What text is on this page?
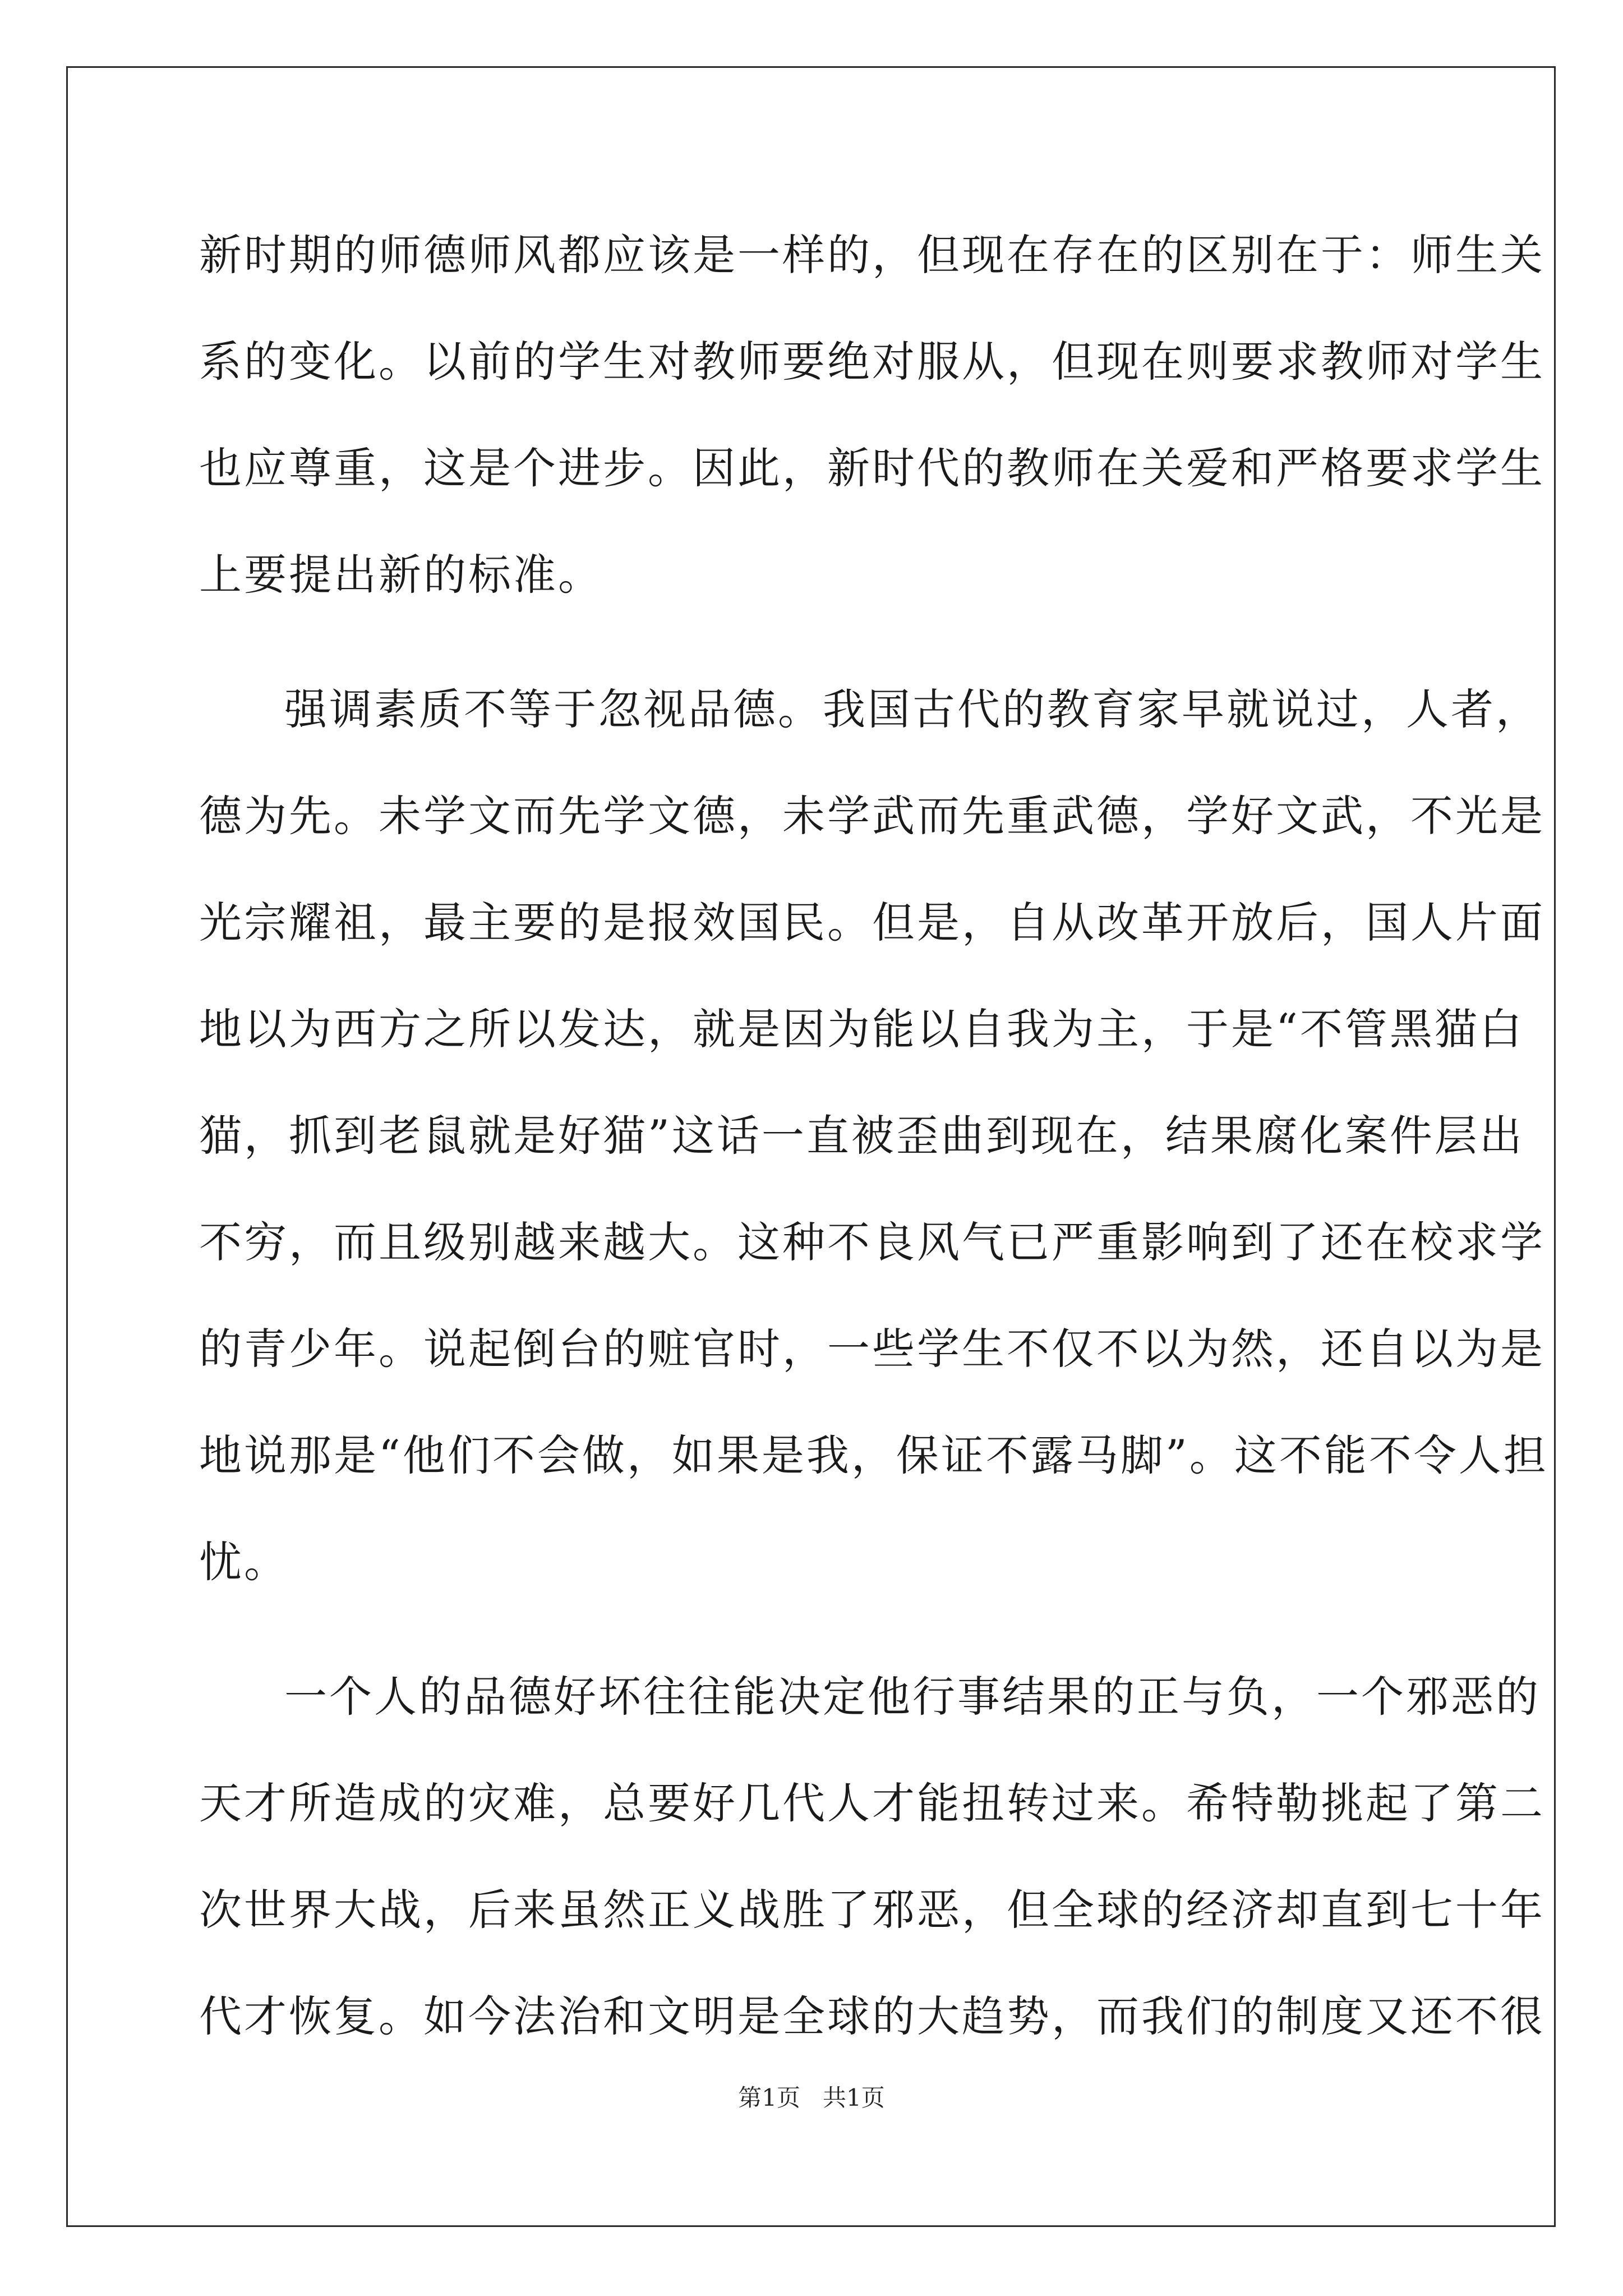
新时期的师德师风都应该是一样的，但现在存在的区别在于：师生关
系的变化。以前的学生对教师要绝对服从，但现在则要求教师对学生
也应尊重，这是个进步。因此，新时代的教师在关爱和严格要求学生
上要提出新的标准。
强调素质不等于忽视品德。我国古代的教育家早就说过，人者，
德为先。未学文而先学文德，未学武而先重武德，学好文武，不光是
光宗耀祖，最主要的是报效国民。但是，自从改革开放后，国人片面
地以为西方之所以发达，就是因为能以自我为主，于是“不管黑猫白
猫，抓到老鼠就是好猫”这话一直被歪曲到现在，结果腐化案件层出
不穷，而且级别越来越大。这种不良风气已严重影响到了还在校求学
的青少年。说起倒台的赃官时，一些学生不仅不以为然，还自以为是
地说那是“他们不会做，如果是我，保证不露马脚”。这不能不令人担
忧。
一个人的品德好坏往往能决定他行事结果的正与负，一个邪恶的
天才所造成的灾难，总要好几代人才能扭转过来。希特勒挑起了第二
次世界大战，后来虽然正义战胜了邪恶，但全球的经济却直到七十年
代才恢复。如今法治和文明是全球的大趋势，而我们的制度又还不很
第1页 共1页
